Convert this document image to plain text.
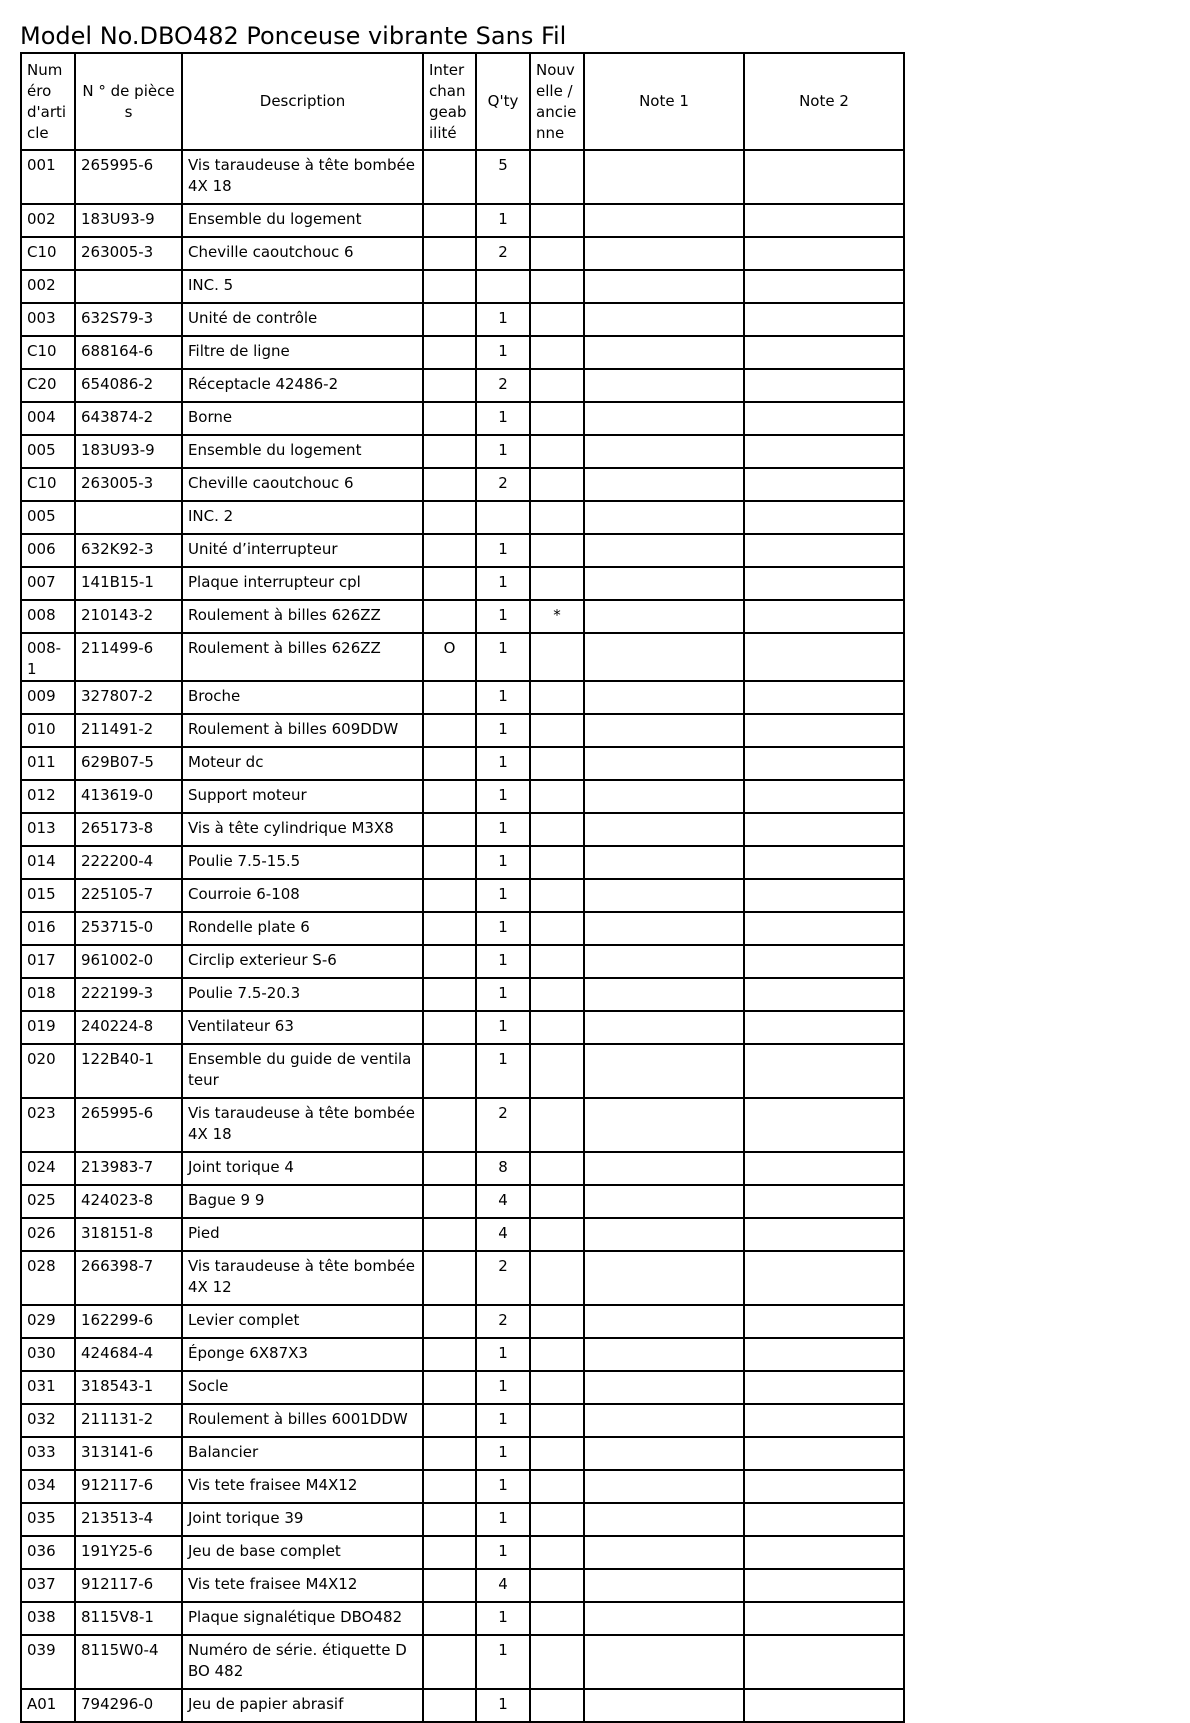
Model No.DBO482 Ponceuse vibrante Sans Fil
Numéro d'article	N ° de pièces	Description	Interchangeabilité	Q'ty	Nouvelle / ancienne	Note 1	Note 2
001	265995-6	Vis taraudeuse à tête bombée 4X 18		5			
002	183U93-9	Ensemble du logement		1			
C10	263005-3	Cheville caoutchouc 6		2			
002		INC. 5					
003	632S79-3	Unité de contrôle		1			
C10	688164-6	Filtre de ligne		1			
C20	654086-2	Réceptacle 42486-2		2			
004	643874-2	Borne		1			
005	183U93-9	Ensemble du logement		1			
C10	263005-3	Cheville caoutchouc 6		2			
005		INC. 2					
006	632K92-3	Unité d’interrupteur		1			
007	141B15-1	Plaque interrupteur cpl		1			
008	210143-2	Roulement à billes 626ZZ		1	*		
008-1	211499-6	Roulement à billes 626ZZ	O	1			
009	327807-2	Broche		1			
010	211491-2	Roulement à billes 609DDW		1			
011	629B07-5	Moteur dc		1			
012	413619-0	Support moteur		1			
013	265173-8	Vis à tête cylindrique M3X8		1			
014	222200-4	Poulie 7.5-15.5		1			
015	225105-7	Courroie 6-108		1			
016	253715-0	Rondelle plate 6		1			
017	961002-0	Circlip exterieur S-6		1			
018	222199-3	Poulie 7.5-20.3		1			
019	240224-8	Ventilateur 63		1			
020	122B40-1	Ensemble du guide de ventilateur		1			
023	265995-6	Vis taraudeuse à tête bombée 4X 18		2			
024	213983-7	Joint torique 4		8			
025	424023-8	Bague 9 9		4			
026	318151-8	Pied		4			
028	266398-7	Vis taraudeuse à tête bombée 4X 12		2			
029	162299-6	Levier complet		2			
030	424684-4	Éponge 6X87X3		1			
031	318543-1	Socle		1			
032	211131-2	Roulement à billes 6001DDW		1			
033	313141-6	Balancier		1			
034	912117-6	Vis tete fraisee M4X12		1			
035	213513-4	Joint torique 39		1			
036	191Y25-6	Jeu de base complet		1			
037	912117-6	Vis tete fraisee M4X12		4			
038	8115V8-1	Plaque signalétique DBO482		1			
039	8115W0-4	Numéro de série. étiquette DBO 482		1			
A01	794296-0	Jeu de papier abrasif		1			
